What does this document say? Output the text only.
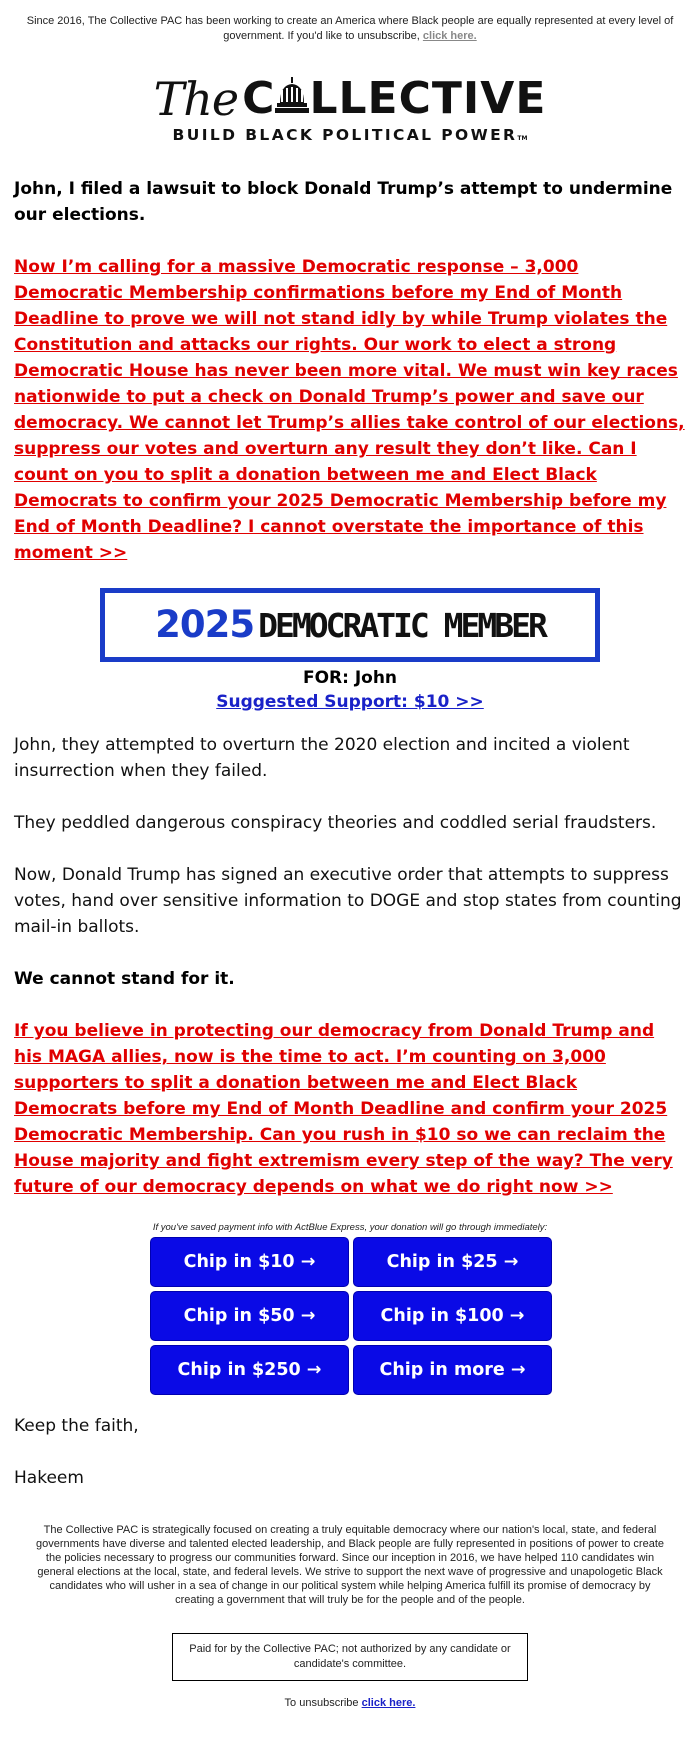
Since 2016, The Collective PAC has been working to create an America where Black people are equally represented at every level of government. If you'd like to unsubscribe, click here.
The C LLECTIVE
BUILD BLACK POLITICAL POWERTM

John, I filed a lawsuit to block Donald Trump’s attempt to undermine our elections.

Now I’m calling for a massive Democratic response – 3,000 Democratic Membership confirmations before my End of Month Deadline to prove we will not stand idly by while Trump violates the Constitution and attacks our rights. Our work to elect a strong Democratic House has never been more vital. We must win key races nationwide to put a check on Donald Trump’s power and save our democracy. We cannot let Trump’s allies take control of our elections, suppress our votes and overturn any result they don’t like. Can I count on you to split a donation between me and Elect Black Democrats to confirm your 2025 Democratic Membership before my End of Month Deadline? I cannot overstate the importance of this moment >>
2025 DEMOCRATIC MEMBER
FOR: John
Suggested Support: $10 >>

John, they attempted to overturn the 2020 election and incited a violent insurrection when they failed.

They peddled dangerous conspiracy theories and coddled serial fraudsters.

Now, Donald Trump has signed an executive order that attempts to suppress votes, hand over sensitive information to DOGE and stop states from counting mail-in ballots.

We cannot stand for it.

If you believe in protecting our democracy from Donald Trump and his MAGA allies, now is the time to act. I’m counting on 3,000 supporters to split a donation between me and Elect Black Democrats before my End of Month Deadline and confirm your 2025 Democratic Membership. Can you rush in $10 so we can reclaim the House majority and fight extremism every step of the way? The very future of our democracy depends on what we do right now >>
If you've saved payment info with ActBlue Express, your donation will go through immediately:
Chip in $10 →	Chip in $25 →
Chip in $50 →	Chip in $100 →
Chip in $250 →	Chip in more →
Keep the faith,
Hakeem
The Collective PAC is strategically focused on creating a truly equitable democracy where our nation's local, state, and federal governments have diverse and talented elected leadership, and Black people are fully represented in positions of power to create the policies necessary to progress our communities forward. Since our inception in 2016, we have helped 110 candidates win general elections at the local, state, and federal levels. We strive to support the next wave of progressive and unapologetic Black candidates who will usher in a sea of change in our political system while helping America fulfill its promise of democracy by creating a government that will truly be for the people and of the people.
Paid for by the Collective PAC; not authorized by any candidate or candidate's committee.
To unsubscribe click here.
